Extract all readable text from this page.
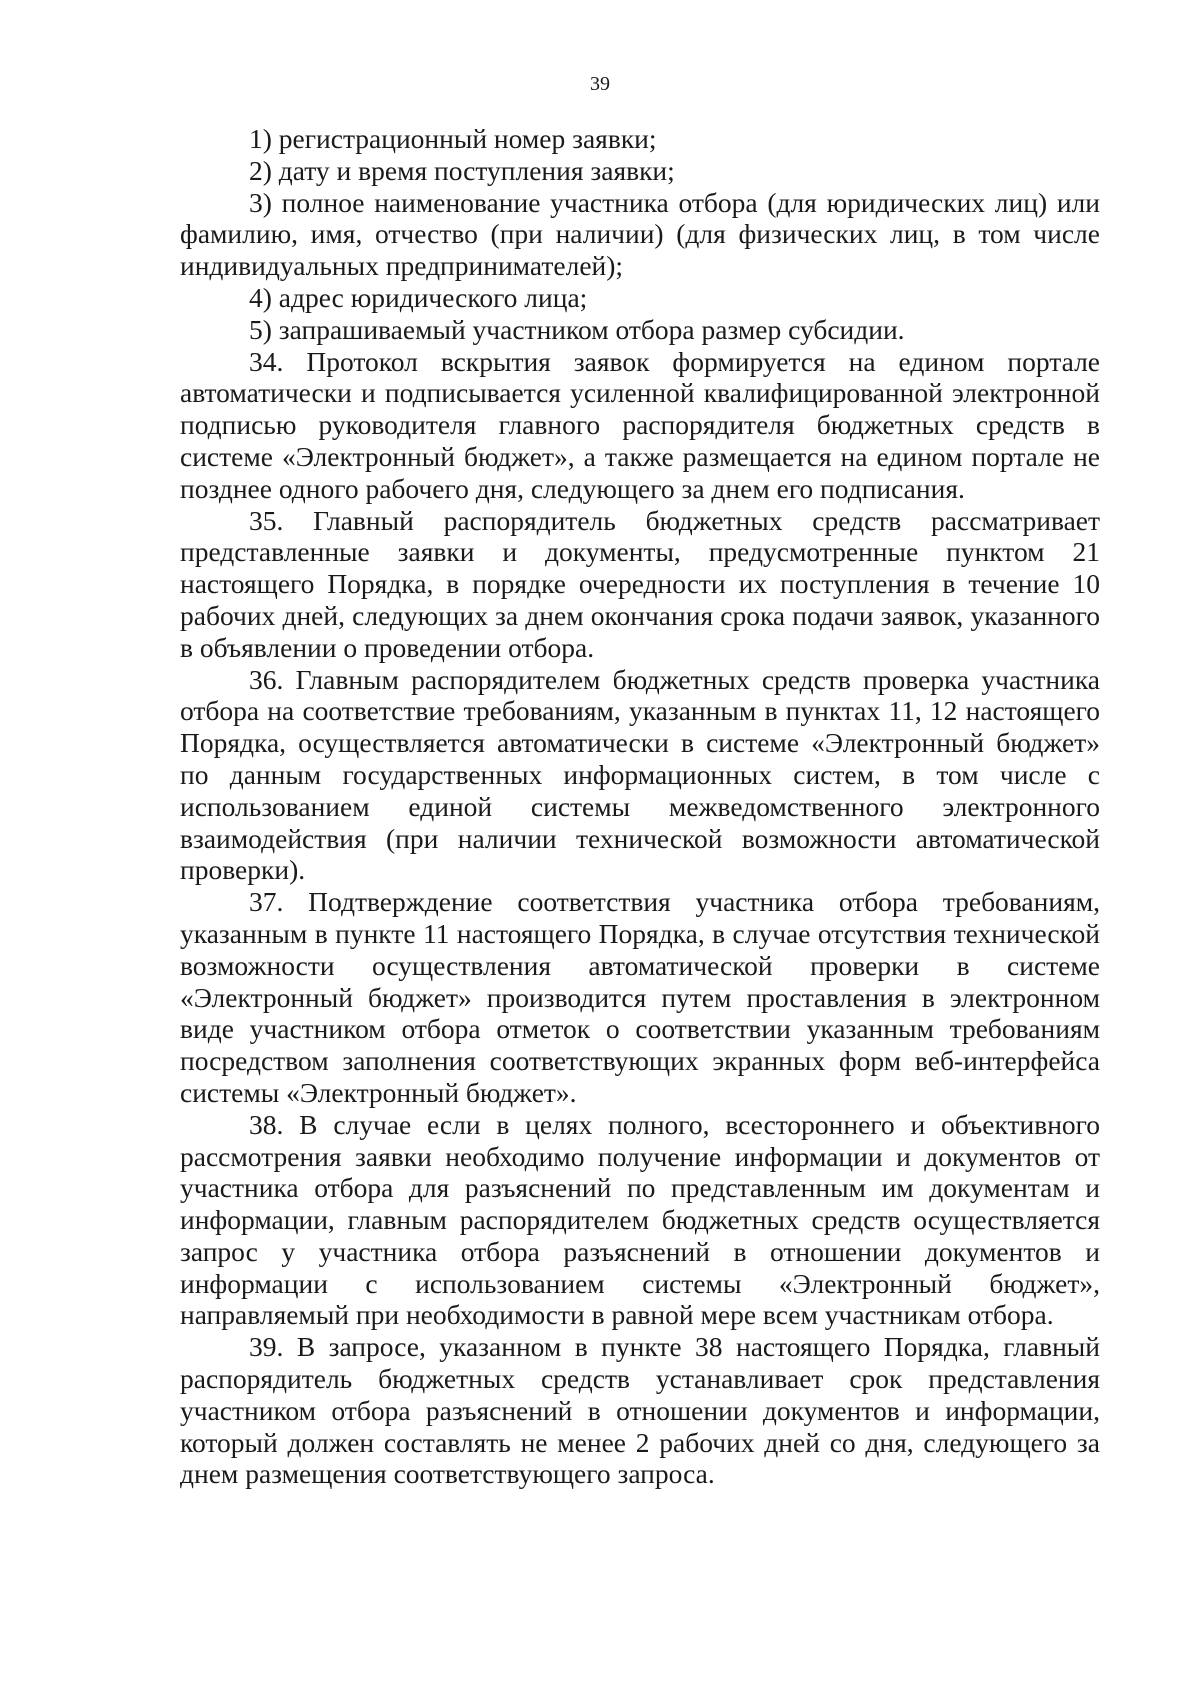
39

1) регистрационный номер заявки;

2) дату и время поступления заявки;

3) полное наименование участника отбора (для юридических лиц) или фамилию, имя, отчество (при наличии) (для физических лиц, в том числе индивидуальных предпринимателей);

4) адрес юридического лица;

5) запрашиваемый участником отбора размер субсидии.

34. Протокол вскрытия заявок формируется на едином портале автоматически и подписывается усиленной квалифицированной электронной подписью руководителя главного распорядителя бюджетных средств в системе «Электронный бюджет», а также размещается на едином портале не позднее одного рабочего дня, следующего за днем его подписания.

35. Главный распорядитель бюджетных средств рассматривает представленные заявки и документы, предусмотренные пунктом 21 настоящего Порядка, в порядке очередности их поступления в течение 10 рабочих дней, следующих за днем окончания срока подачи заявок, указанного в объявлении о проведении отбора.

36. Главным распорядителем бюджетных средств проверка участника отбора на соответствие требованиям, указанным в пунктах 11, 12 настоящего Порядка, осуществляется автоматически в системе «Электронный бюджет» по данным государственных информационных систем, в том числе с использованием единой системы межведомственного электронного взаимодействия (при наличии технической возможности автоматической проверки).

37. Подтверждение соответствия участника отбора требованиям, указанным в пункте 11 настоящего Порядка, в случае отсутствия технической возможности осуществления автоматической проверки в системе «Электронный бюджет» производится путем проставления в электронном виде участником отбора отметок о соответствии указанным требованиям посредством заполнения соответствующих экранных форм веб-интерфейса системы «Электронный бюджет».

38. В случае если в целях полного, всестороннего и объективного рассмотрения заявки необходимо получение информации и документов от участника отбора для разъяснений по представленным им документам и информации, главным распорядителем бюджетных средств осуществляется запрос у участника отбора разъяснений в отношении документов и информации с использованием системы «Электронный бюджет», направляемый при необходимости в равной мере всем участникам отбора.

39. В запросе, указанном в пункте 38 настоящего Порядка, главный распорядитель бюджетных средств устанавливает срок представления участником отбора разъяснений в отношении документов и информации, который должен составлять не менее 2 рабочих дней со дня, следующего за днем размещения соответствующего запроса.
